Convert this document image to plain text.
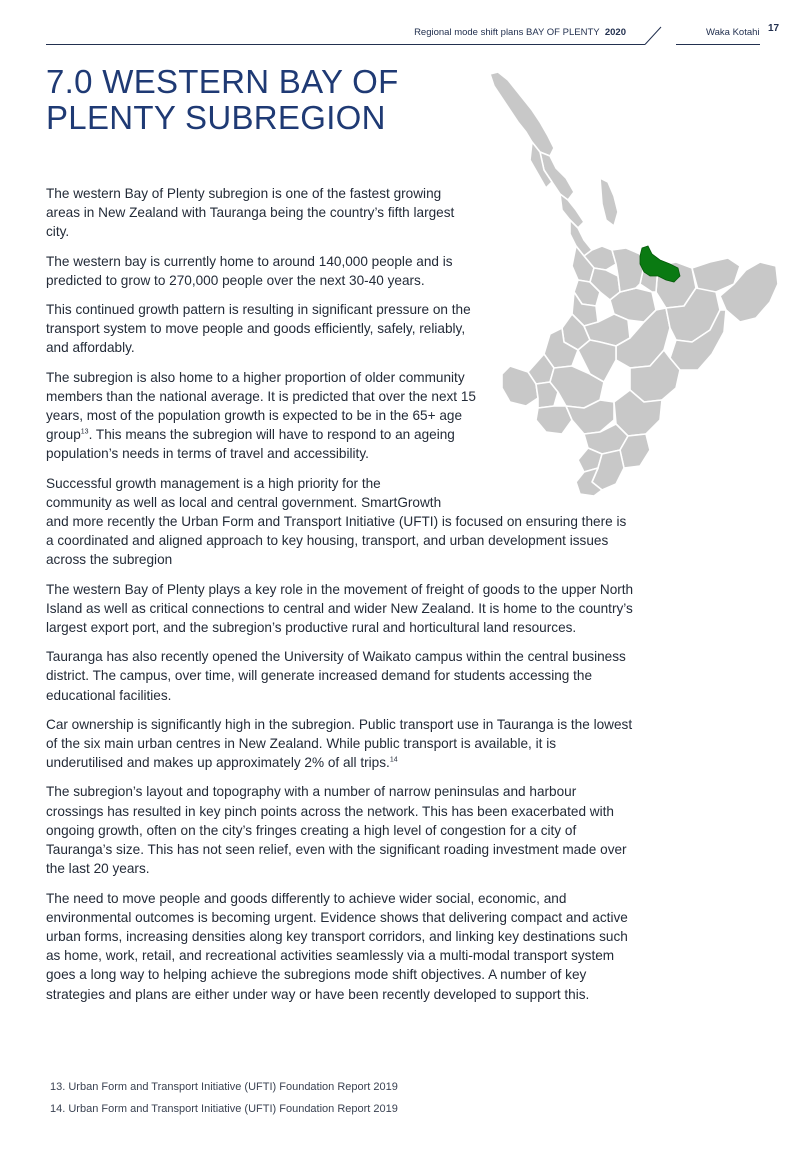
Regional mode shift plans BAY OF PLENTY 2020	Waka Kotahi 17
7.0 WESTERN BAY OF
PLENTY SUBREGION

The western Bay of Plenty subregion is one of the fastest growing areas in New Zealand with Tauranga being the country’s fifth largest city.

The western bay is currently home to around 140,000 people and is predicted to grow to 270,000 people over the next 30-40 years.

This continued growth pattern is resulting in significant pressure on the transport system to move people and goods efficiently, safely, reliably, and affordably.

The subregion is also home to a higher proportion of older community members than the national average. It is predicted that over the next 15 years, most of the population growth is expected to be in the 65+ age group$^{13}$. This means the subregion will have to respond to an ageing population’s needs in terms of travel and accessibility.

Successful growth management is a high priority for the
community as well as local and central government. SmartGrowth
and more recently the Urban Form and Transport Initiative (UFTI) is focused on ensuring there is a coordinated and aligned approach to key housing, transport, and urban development issues across the subregion

The western Bay of Plenty plays a key role in the movement of freight of goods to the upper North Island as well as critical connections to central and wider New Zealand. It is home to the country’s largest export port, and the subregion’s productive rural and horticultural land resources.

Tauranga has also recently opened the University of Waikato campus within the central business district. The campus, over time, will generate increased demand for students accessing the educational facilities.

Car ownership is significantly high in the subregion. Public transport use in Tauranga is the lowest of the six main urban centres in New Zealand. While public transport is available, it is underutilised and makes up approximately 2% of all trips.$^{14}$

The subregion’s layout and topography with a number of narrow peninsulas and harbour crossings has resulted in key pinch points across the network. This has been exacerbated with ongoing growth, often on the city’s fringes creating a high level of congestion for a city of Tauranga’s size. This has not seen relief, even with the significant roading investment made over the last 20 years.

The need to move people and goods differently to achieve wider social, economic, and environmental outcomes is becoming urgent. Evidence shows that delivering compact and active urban forms, increasing densities along key transport corridors, and linking key destinations such as home, work, retail, and recreational activities seamlessly via a multi-modal transport system goes a long way to helping achieve the subregions mode shift objectives. A number of key strategies and plans are either under way or have been recently developed to support this.

13. Urban Form and Transport Initiative (UFTI) Foundation Report 2019

14. Urban Form and Transport Initiative (UFTI) Foundation Report 2019
